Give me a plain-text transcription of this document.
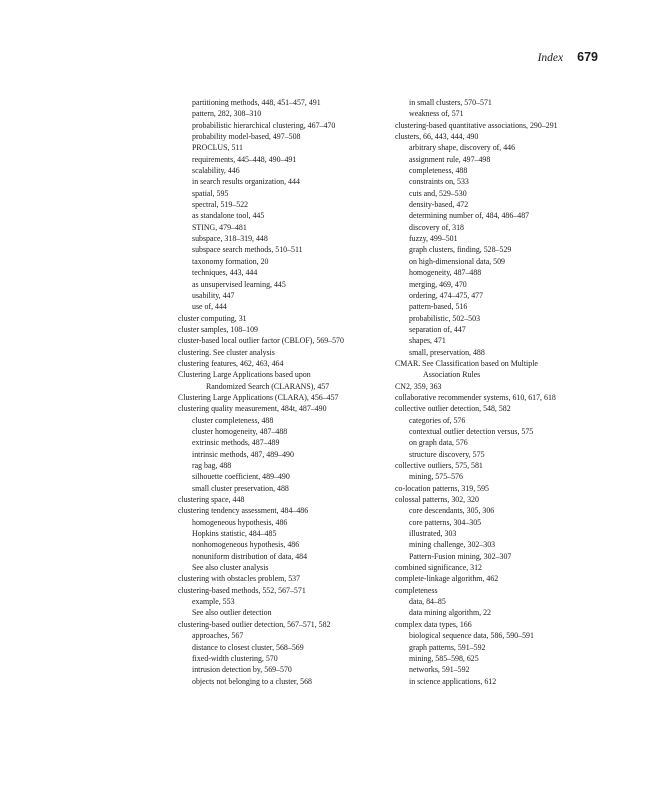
Index 679
partitioning methods, 448, 451–457, 491
pattern, 282, 308–310
probabilistic hierarchical clustering, 467–470
probability model-based, 497–508
PROCLUS, 511
requirements, 445–448, 490–491
scalability, 446
in search results organization, 444
spatial, 595
spectral, 519–522
as standalone tool, 445
STING, 479–481
subspace, 318–319, 448
subspace search methods, 510–511
taxonomy formation, 20
techniques, 443, 444
as unsupervised learning, 445
usability, 447
use of, 444
cluster computing, 31
cluster samples, 108–109
cluster-based local outlier factor (CBLOF), 569–570
clustering. See cluster analysis
clustering features, 462, 463, 464
Clustering Large Applications based upon
Randomized Search (CLARANS), 457
Clustering Large Applications (CLARA), 456–457
clustering quality measurement, 484t, 487–490
cluster completeness, 488
cluster homogeneity, 487–488
extrinsic methods, 487–489
intrinsic methods, 487, 489–490
rag bag, 488
silhouette coefficient, 489–490
small cluster preservation, 488
clustering space, 448
clustering tendency assessment, 484–486
homogeneous hypothesis, 486
Hopkins statistic, 484–485
nonhomogeneous hypothesis, 486
nonuniform distribution of data, 484
See also cluster analysis
clustering with obstacles problem, 537
clustering-based methods, 552, 567–571
example, 553
See also outlier detection
clustering-based outlier detection, 567–571, 582
approaches, 567
distance to closest cluster, 568–569
fixed-width clustering, 570
intrusion detection by, 569–570
objects not belonging to a cluster, 568
in small clusters, 570–571
weakness of, 571
clustering-based quantitative associations, 290–291
clusters, 66, 443, 444, 490
arbitrary shape, discovery of, 446
assignment rule, 497–498
completeness, 488
constraints on, 533
cuts and, 529–530
density-based, 472
determining number of, 484, 486–487
discovery of, 318
fuzzy, 499–501
graph clusters, finding, 528–529
on high-dimensional data, 509
homogeneity, 487–488
merging, 469, 470
ordering, 474–475, 477
pattern-based, 516
probabilistic, 502–503
separation of, 447
shapes, 471
small, preservation, 488
CMAR. See Classification based on Multiple
Association Rules
CN2, 359, 363
collaborative recommender systems, 610, 617, 618
collective outlier detection, 548, 582
categories of, 576
contextual outlier detection versus, 575
on graph data, 576
structure discovery, 575
collective outliers, 575, 581
mining, 575–576
co-location patterns, 319, 595
colossal patterns, 302, 320
core descendants, 305, 306
core patterns, 304–305
illustrated, 303
mining challenge, 302–303
Pattern-Fusion mining, 302–307
combined significance, 312
complete-linkage algorithm, 462
completeness
data, 84–85
data mining algorithm, 22
complex data types, 166
biological sequence data, 586, 590–591
graph patterns, 591–592
mining, 585–598, 625
networks, 591–592
in science applications, 612
